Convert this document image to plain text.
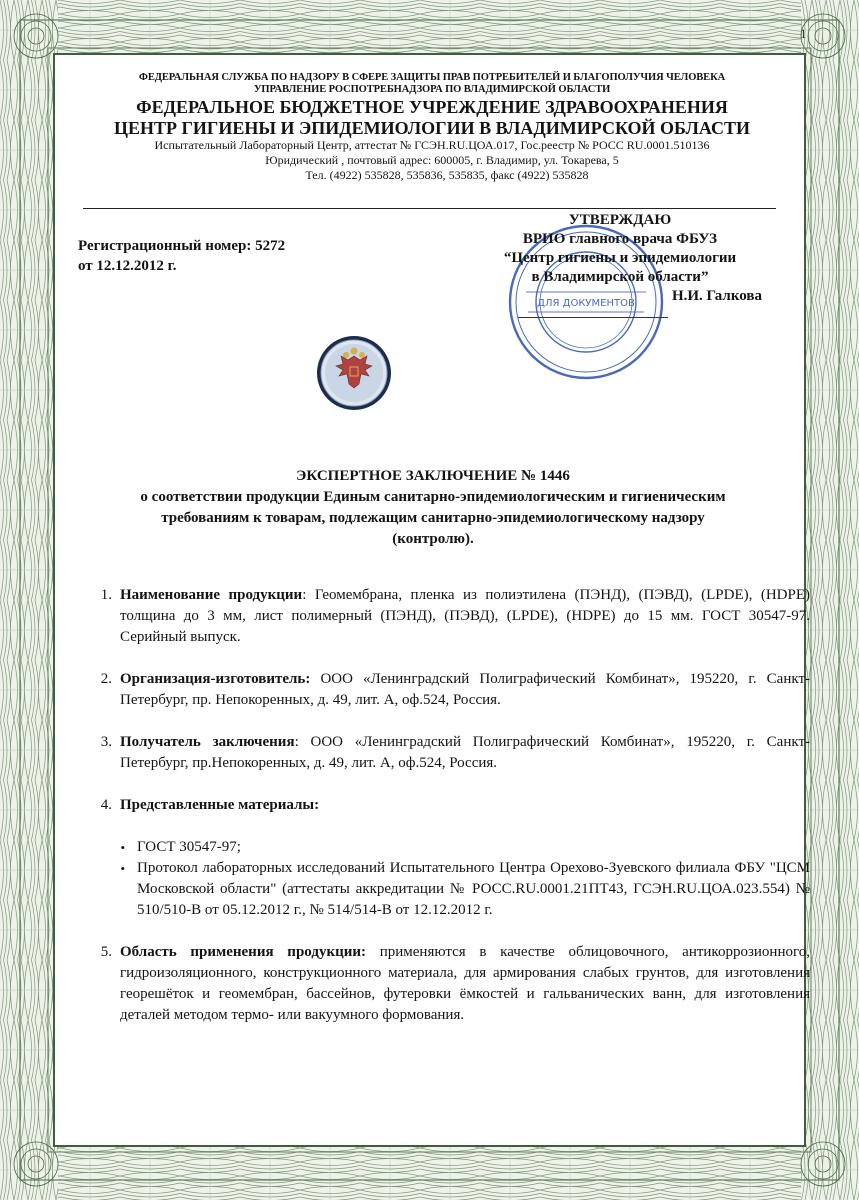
1
ФЕДЕРАЛЬНАЯ СЛУЖБА ПО НАДЗОРУ В СФЕРЕ ЗАЩИТЫ ПРАВ ПОТРЕБИТЕЛЕЙ И БЛАГОПОЛУЧИЯ ЧЕЛОВЕКА
УПРАВЛЕНИЕ РОСПОТРЕБНАДЗОРА ПО ВЛАДИМИРСКОЙ ОБЛАСТИ
ФЕДЕРАЛЬНОЕ БЮДЖЕТНОЕ УЧРЕЖДЕНИЕ ЗДРАВООХРАНЕНИЯ
ЦЕНТР ГИГИЕНЫ И ЭПИДЕМИОЛОГИИ В ВЛАДИМИРСКОЙ ОБЛАСТИ
Испытательный Лабораторный Центр, аттестат № ГСЭН.RU.ЦОА.017, Гос.реестр № РОСС RU.0001.510136
Юридический , почтовый адрес: 600005, г. Владимир, ул. Токарева, 5
Тел. (4922) 535828, 535836, 535835, факс (4922) 535828
Регистрационный номер: 5272
от 12.12.2012 г.
ДЛЯ ДОКУМЕНТОВ
УТВЕРЖДАЮ
ВРИО главного врача ФБУЗ
“Центр гигиены и эпидемиологии
в Владимирской области”
Н.И. Галкова
ЭКСПЕРТНОЕ ЗАКЛЮЧЕНИЕ № 1446
о соответствии продукции Единым санитарно-эпидемиологическим и гигиеническим
требованиям к товарам, подлежащим санитарно-эпидемиологическому надзору
(контролю).
1. Наименование продукции: Геомембрана, пленка из полиэтилена (ПЭНД), (ПЭВД), (LPDE), (HDPE) толщина до 3 мм, лист полимерный (ПЭНД), (ПЭВД), (LPDE), (HDPE) до 15 мм. ГОСТ 30547-97. Серийный выпуск.
2. Организация-изготовитель: ООО «Ленинградский Полиграфический Комбинат», 195220, г. Санкт-Петербург, пр. Непокоренных, д. 49, лит. А, оф.524, Россия.
3. Получатель заключения: ООО «Ленинградский Полиграфический Комбинат», 195220, г. Санкт-Петербург, пр.Непокоренных, д. 49, лит. А, оф.524, Россия.
4. Представленные материалы:
• ГОСТ 30547-97;
• Протокол лабораторных исследований Испытательного Центра Орехово-Зуевского филиала ФБУ "ЦСМ Московской области" (аттестаты аккредитации № РОСС.RU.0001.21ПТ43, ГСЭН.RU.ЦОА.023.554) № 510/510-В от 05.12.2012 г., № 514/514-В от 12.12.2012 г.
5. Область применения продукции: применяются в качестве облицовочного, антикоррозионного, гидроизоляционного, конструкционного материала, для армирования слабых грунтов, для изготовления георешёток и геомембран, бассейнов, футеровки ёмкостей и гальванических ванн, для изготовления деталей методом термо- или вакуумного формования.
